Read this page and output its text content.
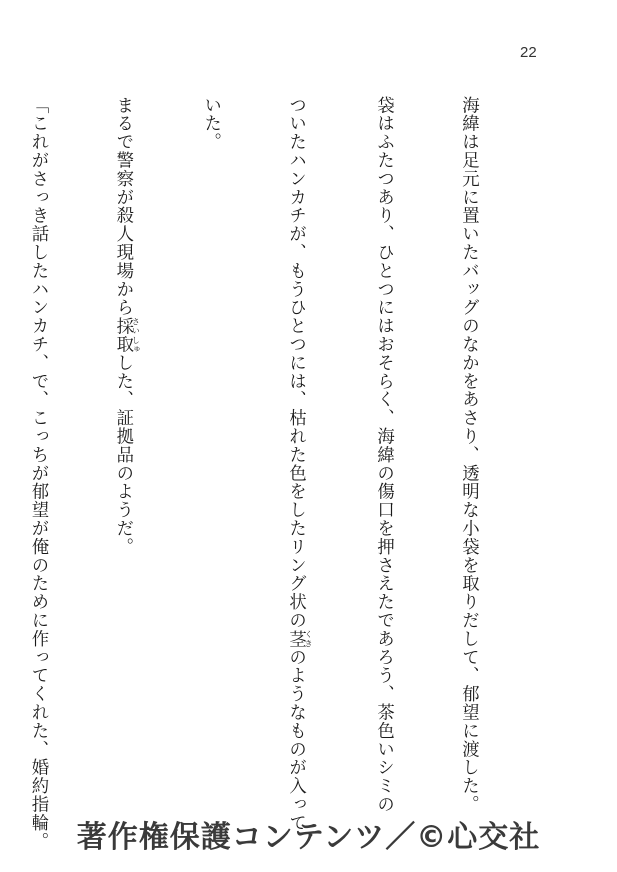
22

海緯は足元に置いたバッグのなかをあさり、透明な小袋を取りだして、郁望に渡した。

袋はふたつあり、ひとつにはおそらく、海緯の傷口を押さえたであろう、茶色いシミの

ついたハンカチが、もうひとつには、枯れた色をしたリング状の茎くきのようなものが入って

いた。

まるで警察が殺人現場から採取さいしゅした、証拠品のようだ。

「これがさっき話したハンカチ、で、こっちが郁望が俺のために作ってくれた、婚約指輪。

著作権保護コンテンツ／©心交社
